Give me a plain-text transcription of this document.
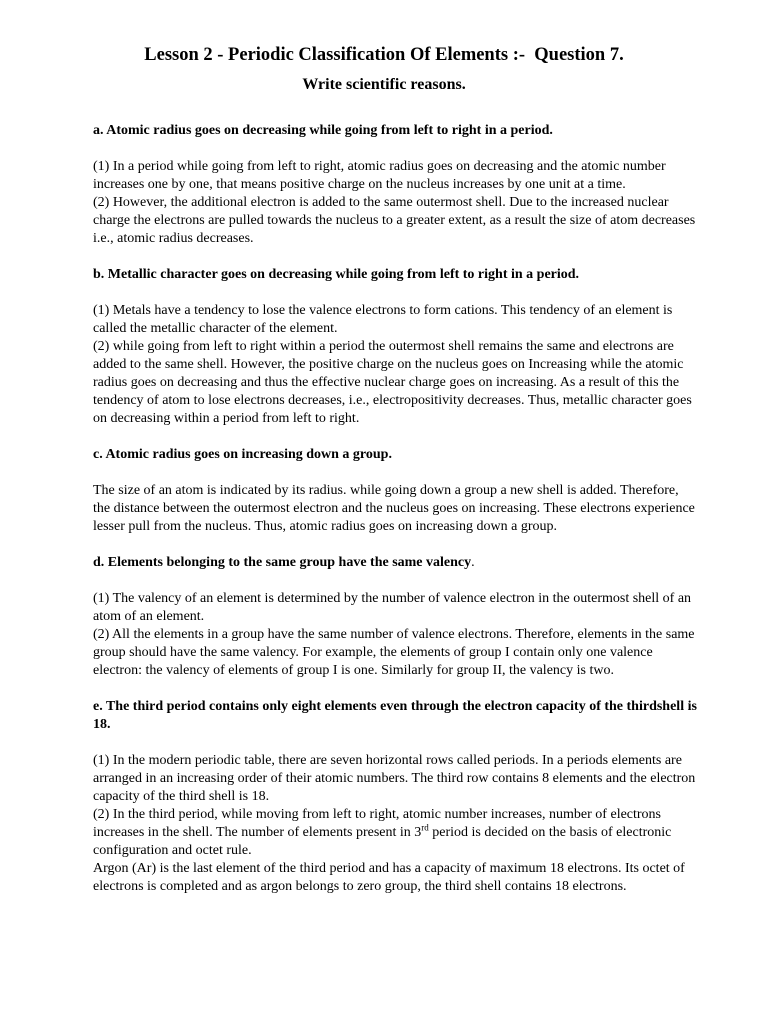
Lesson 2 - Periodic Classification Of Elements :-  Question 7.
Write scientific reasons.

a. Atomic radius goes on decreasing while going from left to right in a period.

(1) In a period while going from left to right, atomic radius goes on decreasing and the atomic number increases one by one, that means positive charge on the nucleus increases by one unit at a time.

(2) However, the additional electron is added to the same outermost shell. Due to the increased nuclear charge the electrons are pulled towards the nucleus to a greater extent, as a result the size of atom decreases i.e., atomic radius decreases.

b. Metallic character goes on decreasing while going from left to right in a period.

(1) Metals have a tendency to lose the valence electrons to form cations. This tendency of an element is called the metallic character of the element.

(2) while going from left to right within a period the outermost shell remains the same and electrons are added to the same shell. However, the positive charge on the nucleus goes on Increasing while the atomic radius goes on decreasing and thus the effective nuclear charge goes on increasing. As a result of this the tendency of atom to lose electrons decreases, i.e., electropositivity decreases. Thus, metallic character goes on decreasing within a period from left to right.

c. Atomic radius goes on increasing down a group.

The size of an atom is indicated by its radius. while going down a group a new shell is added. Therefore, the distance between the outermost electron and the nucleus goes on increasing. These electrons experience lesser pull from the nucleus. Thus, atomic radius goes on increasing down a group.

d. Elements belonging to the same group have the same valency.

(1) The valency of an element is determined by the number of valence electron in the outermost shell of an atom of an element.

(2) All the elements in a group have the same number of valence electrons. Therefore, elements in the same group should have the same valency. For example, the elements of group I contain only one valence electron: the valency of elements of group I is one. Similarly for group II, the valency is two.

e. The third period contains only eight elements even through the electron capacity of the thirdshell is 18.

(1) In the modern periodic table, there are seven horizontal rows called periods. In a periods elements are arranged in an increasing order of their atomic numbers. The third row contains 8 elements and the electron capacity of the third shell is 18.

(2) In the third period, while moving from left to right, atomic number increases, number of electrons increases in the shell. The number of elements present in 3rd period is decided on the basis of electronic configuration and octet rule.

Argon (Ar) is the last element of the third period and has a capacity of maximum 18 electrons. Its octet of electrons is completed and as argon belongs to zero group, the third shell contains 18 electrons.
